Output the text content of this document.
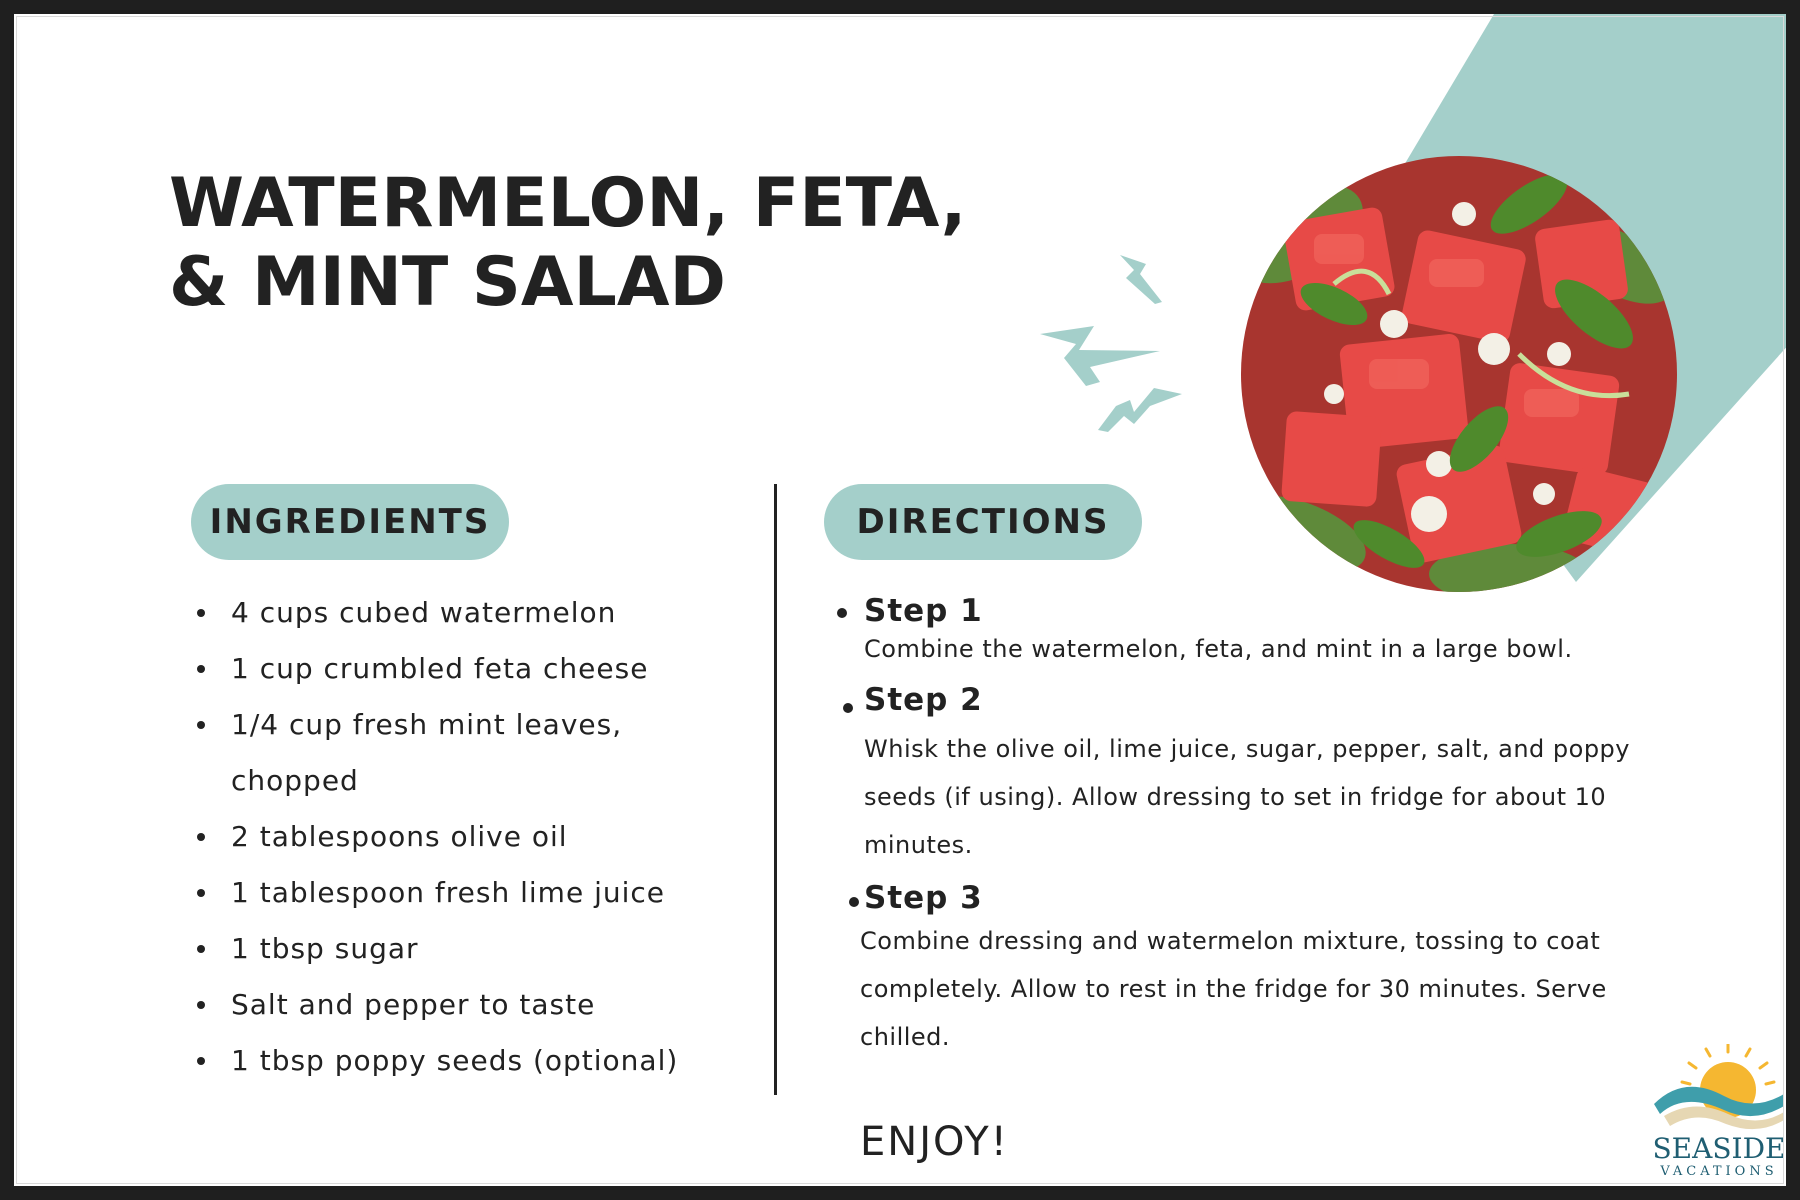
WATERMELON, FETA,
& MINT SALAD
INGREDIENTS	DIRECTIONS
4 cups cubed watermelon
1 cup crumbled feta cheese
1/4 cup fresh mint leaves, chopped
2 tablespoons olive oil
1 tablespoon fresh lime juice
1 tbsp sugar
Salt and pepper to taste
1 tbsp poppy seeds (optional)
Step 1

Combine the watermelon, feta, and mint in a large bowl.

Step 2

Whisk the olive oil, lime juice, sugar, pepper, salt, and poppy seeds (if using). Allow dressing to set in fridge for about 10 minutes.

Step 3

Combine dressing and watermelon mixture, tossing to coat completely. Allow to rest in the fridge for 30 minutes. Serve chilled.

ENJOY!	SEASIDE
VACATIONS
